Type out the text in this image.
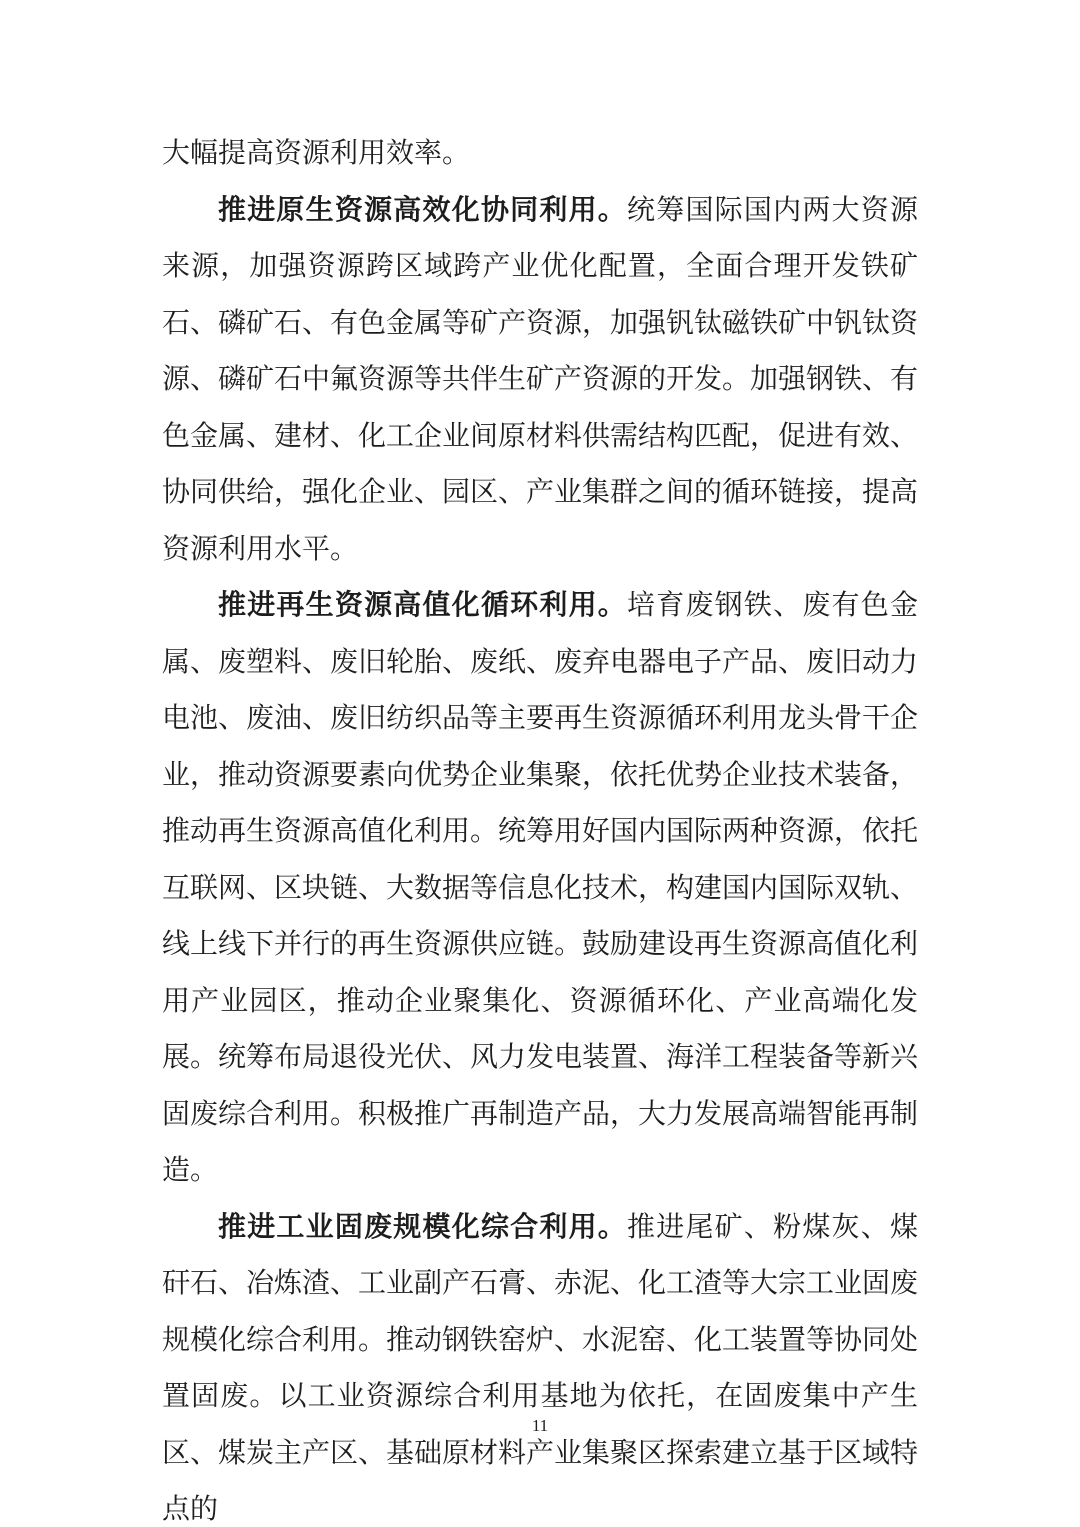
大幅提高资源利用效率。

推进原生资源高效化协同利用。统筹国际国内两大资源来源，加强资源跨区域跨产业优化配置，全面合理开发铁矿石、磷矿石、有色金属等矿产资源，加强钒钛磁铁矿中钒钛资源、磷矿石中氟资源等共伴生矿产资源的开发。加强钢铁、有色金属、建材、化工企业间原材料供需结构匹配，促进有效、协同供给，强化企业、园区、产业集群之间的循环链接，提高资源利用水平。

推进再生资源高值化循环利用。培育废钢铁、废有色金属、废塑料、废旧轮胎、废纸、废弃电器电子产品、废旧动力电池、废油、废旧纺织品等主要再生资源循环利用龙头骨干企业，推动资源要素向优势企业集聚，依托优势企业技术装备，推动再生资源高值化利用。统筹用好国内国际两种资源，依托互联网、区块链、大数据等信息化技术，构建国内国际双轨、线上线下并行的再生资源供应链。鼓励建设再生资源高值化利用产业园区，推动企业聚集化、资源循环化、产业高端化发展。统筹布局退役光伏、风力发电装置、海洋工程装备等新兴固废综合利用。积极推广再制造产品，大力发展高端智能再制造。

推进工业固废规模化综合利用。推进尾矿、粉煤灰、煤矸石、冶炼渣、工业副产石膏、赤泥、化工渣等大宗工业固废规模化综合利用。推动钢铁窑炉、水泥窑、化工装置等协同处置固废。以工业资源综合利用基地为依托，在固废集中产生区、煤炭主产区、基础原材料产业集聚区探索建立基于区域特点的

11
